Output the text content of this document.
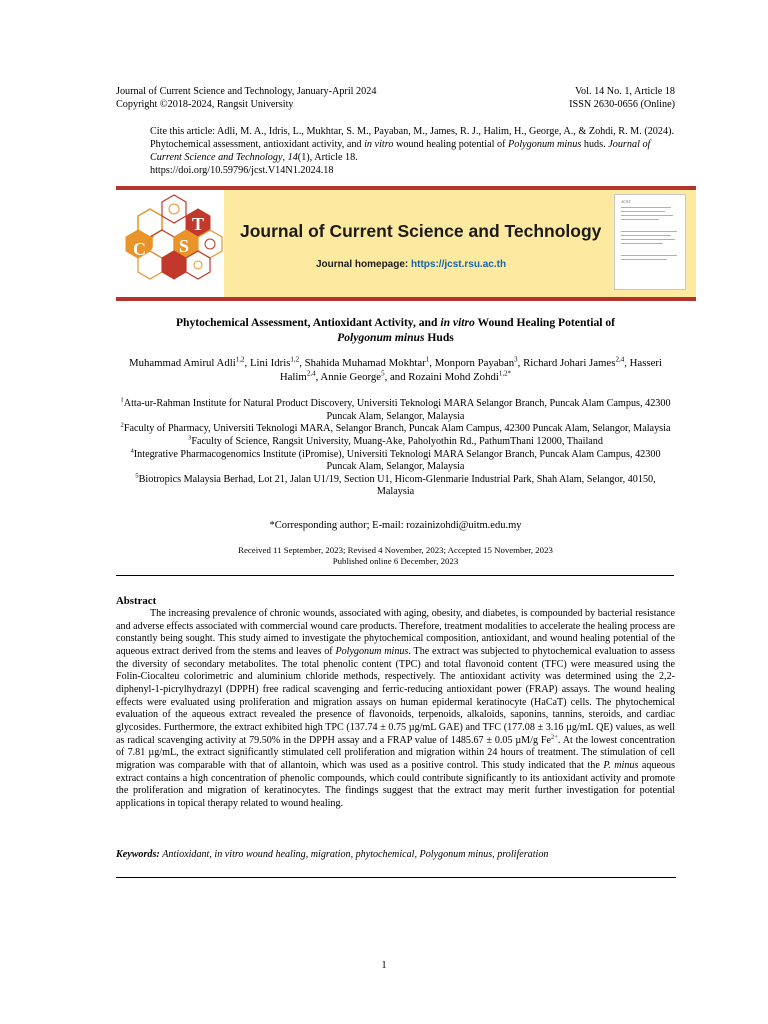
Journal of Current Science and Technology, January-April 2024	Vol. 14 No. 1, Article 18
Copyright ©2018-2024, Rangsit University	ISSN 2630-0656 (Online)
Cite this article: Adli, M. A., Idris, L., Mukhtar, S. M., Payaban, M., James, R. J., Halim, H., George, A., & Zohdi, R. M. (2024). Phytochemical assessment, antioxidant activity, and in vitro wound healing potential of Polygonum minus huds. Journal of Current Science and Technology, 14(1), Article 18.
https://doi.org/10.59796/jcst.V14N1.2024.18
J
C S
T Journal of Current Science and Technology
Journal homepage: https://jcst.rsu.ac.th
JCST
Phytochemical Assessment, Antioxidant Activity, and in vitro Wound Healing Potential of
Polygonum minus Huds
Muhammad Amirul Adli$^{1,2}$, Lini Idris$^{1,2}$, Shahida Muhamad Mokhtar$^1$, Monporn Payaban$^3$, Richard Johari James$^{2,4}$, Hasseri Halim$^{2,4}$, Annie George$^5$, and Rozaini Mohd Zohdi$^{1,2*}$
$^1$Atta-ur-Rahman Institute for Natural Product Discovery, Universiti Teknologi MARA Selangor Branch, Puncak Alam Campus, 42300 Puncak Alam, Selangor, Malaysia
$^2$Faculty of Pharmacy, Universiti Teknologi MARA, Selangor Branch, Puncak Alam Campus, 42300 Puncak Alam, Selangor, Malaysia
$^3$Faculty of Science, Rangsit University, Muang-Ake, Paholyothin Rd., PathumThani 12000, Thailand
$^4$Integrative Pharmacogenomics Institute (iPromise), Universiti Teknologi MARA Selangor Branch, Puncak Alam Campus, 42300 Puncak Alam, Selangor, Malaysia
$^5$Biotropics Malaysia Berhad, Lot 21, Jalan U1/19, Section U1, Hicom-Glenmarie Industrial Park, Shah Alam, Selangor, 40150, Malaysia
*Corresponding author; E-mail: rozainizohdi@uitm.edu.my
Received 11 September, 2023; Revised 4 November, 2023; Accepted 15 November, 2023
Published online 6 December, 2023
Abstract
The increasing prevalence of chronic wounds, associated with aging, obesity, and diabetes, is compounded by bacterial resistance and adverse effects associated with commercial wound care products. Therefore, treatment modalities to accelerate the healing process are constantly being sought. This study aimed to investigate the phytochemical composition, antioxidant, and wound healing potential of the aqueous extract derived from the stems and leaves of Polygonum minus. The extract was subjected to phytochemical evaluation to assess the diversity of secondary metabolites. The total phenolic content (TPC) and total flavonoid content (TFC) were measured using the Folin-Ciocalteu colorimetric and aluminium chloride methods, respectively. The antioxidant activity was determined using the 2,2-diphenyl-1-picrylhydrazyl (DPPH) free radical scavenging and ferric-reducing antioxidant power (FRAP) assays. The wound healing effects were evaluated using proliferation and migration assays on human epidermal keratinocyte (HaCaT) cells. The phytochemical evaluation of the aqueous extract revealed the presence of flavonoids, terpenoids, alkaloids, saponins, tannins, steroids, and cardiac glycosides. Furthermore, the extract exhibited high TPC (137.74 ± 0.75 µg/mL GAE) and TFC (177.08 ± 3.16 µg/mL QE) values, as well as radical scavenging activity at 79.50% in the DPPH assay and a FRAP value of 1485.67 ± 0.05 µM/g $Fe^{2+}$. At the lowest concentration of 7.81 µg/mL, the extract significantly stimulated cell proliferation and migration within 24 hours of treatment. The stimulation of cell migration was comparable with that of allantoin, which was used as a positive control. This study indicated that the P. minus aqueous extract contains a high concentration of phenolic compounds, which could contribute significantly to its antioxidant activity and promote the proliferation and migration of keratinocytes. The findings suggest that the extract may merit further investigation for potential applications in topical therapy related to wound healing.
Keywords: Antioxidant, in vitro wound healing, migration, phytochemical, Polygonum minus, proliferation
1
